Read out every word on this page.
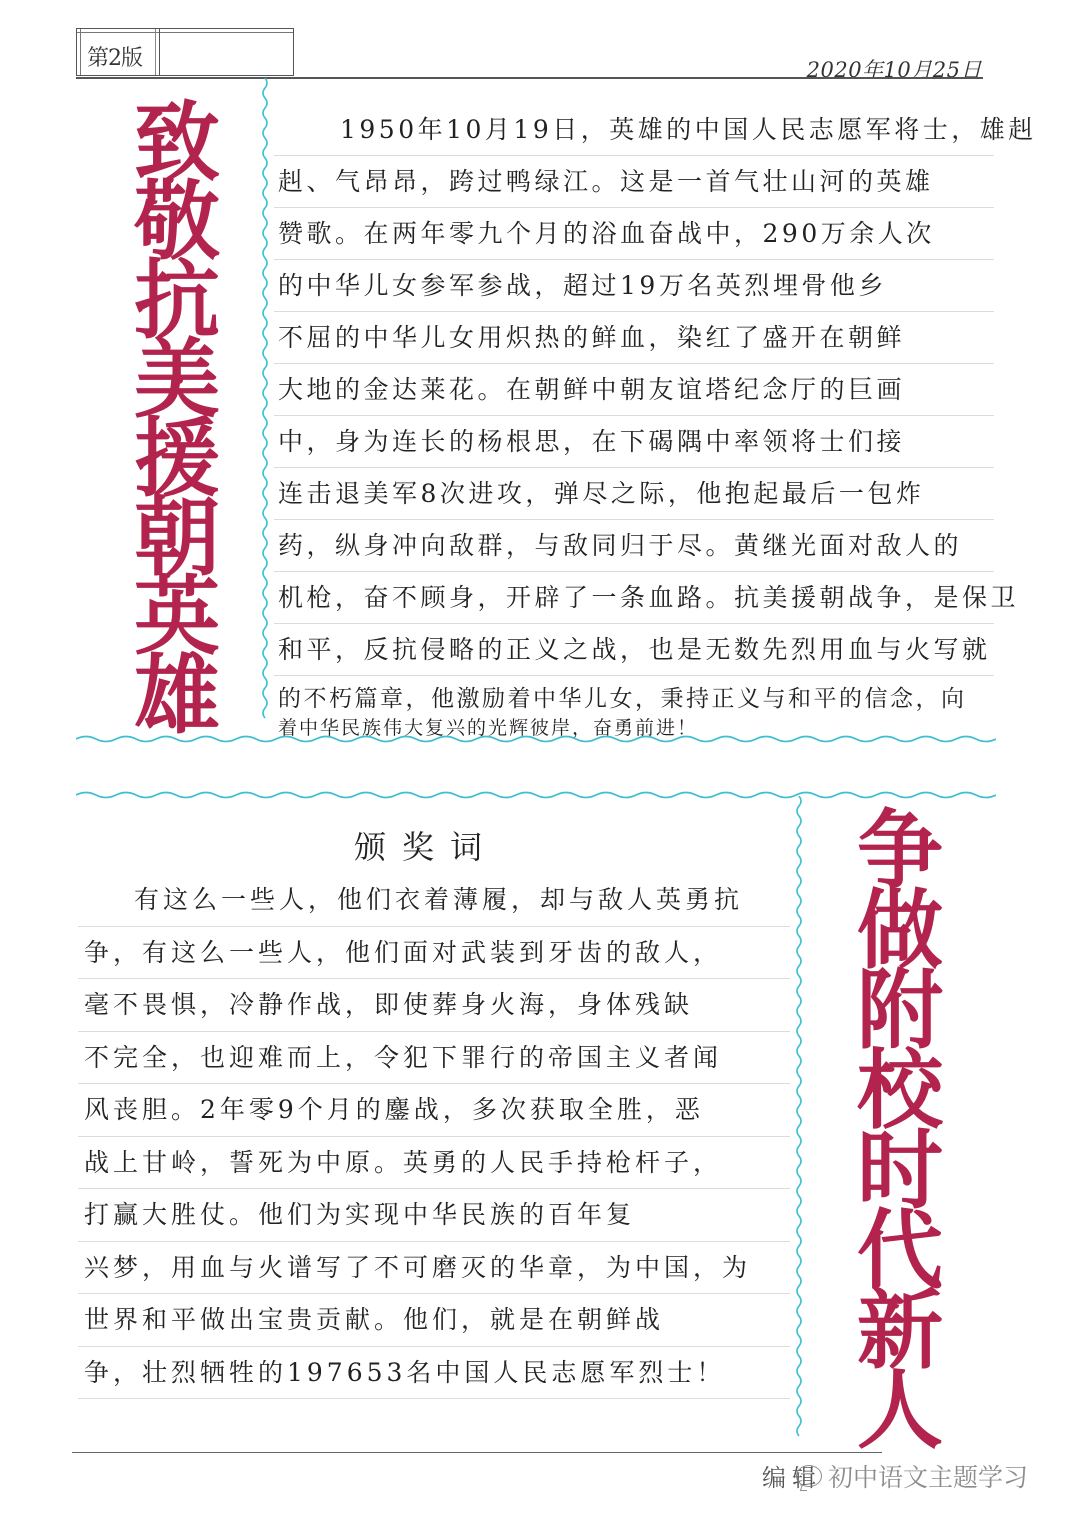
第2版	2020年10月25日
致
敬
抗
美
援
朝
英
雄
1950年10月19日，英雄的中国人民志愿军将士，雄赳
赳、气昂昂，跨过鸭绿江。这是一首气壮山河的英雄
赞歌。在两年零九个月的浴血奋战中，290万余人次
的中华儿女参军参战，超过19万名英烈埋骨他乡
不屈的中华儿女用炽热的鲜血，染红了盛开在朝鲜
大地的金达莱花。在朝鲜中朝友谊塔纪念厅的巨画
中，身为连长的杨根思，在下碣隅中率领将士们接
连击退美军8次进攻，弹尽之际，他抱起最后一包炸
药，纵身冲向敌群，与敌同归于尽。黄继光面对敌人的
机枪，奋不顾身，开辟了一条血路。抗美援朝战争，是保卫
和平，反抗侵略的正义之战，也是无数先烈用血与火写就
的不朽篇章，他激励着中华儿女，秉持正义与和平的信念，向
着中华民族伟大复兴的光辉彼岸，奋勇前进！
颁奖词
有这么一些人，他们衣着薄履，却与敌人英勇抗
争，有这么一些人，他们面对武装到牙齿的敌人，
毫不畏惧，冷静作战，即使葬身火海，身体残缺
不完全，也迎难而上，令犯下罪行的帝国主义者闻
风丧胆。2年零9个月的鏖战，多次获取全胜，恶
战上甘岭，誓死为中原。英勇的人民手持枪杆子，
打赢大胜仗。他们为实现中华民族的百年复
兴梦，用血与火谱写了不可磨灭的华章，为中国，为
世界和平做出宝贵贡献。他们，就是在朝鲜战
争，壮烈牺牲的197653名中国人民志愿军烈士！
争
做
附
校
时
代
新
人
编辑 初中语文主题学习
